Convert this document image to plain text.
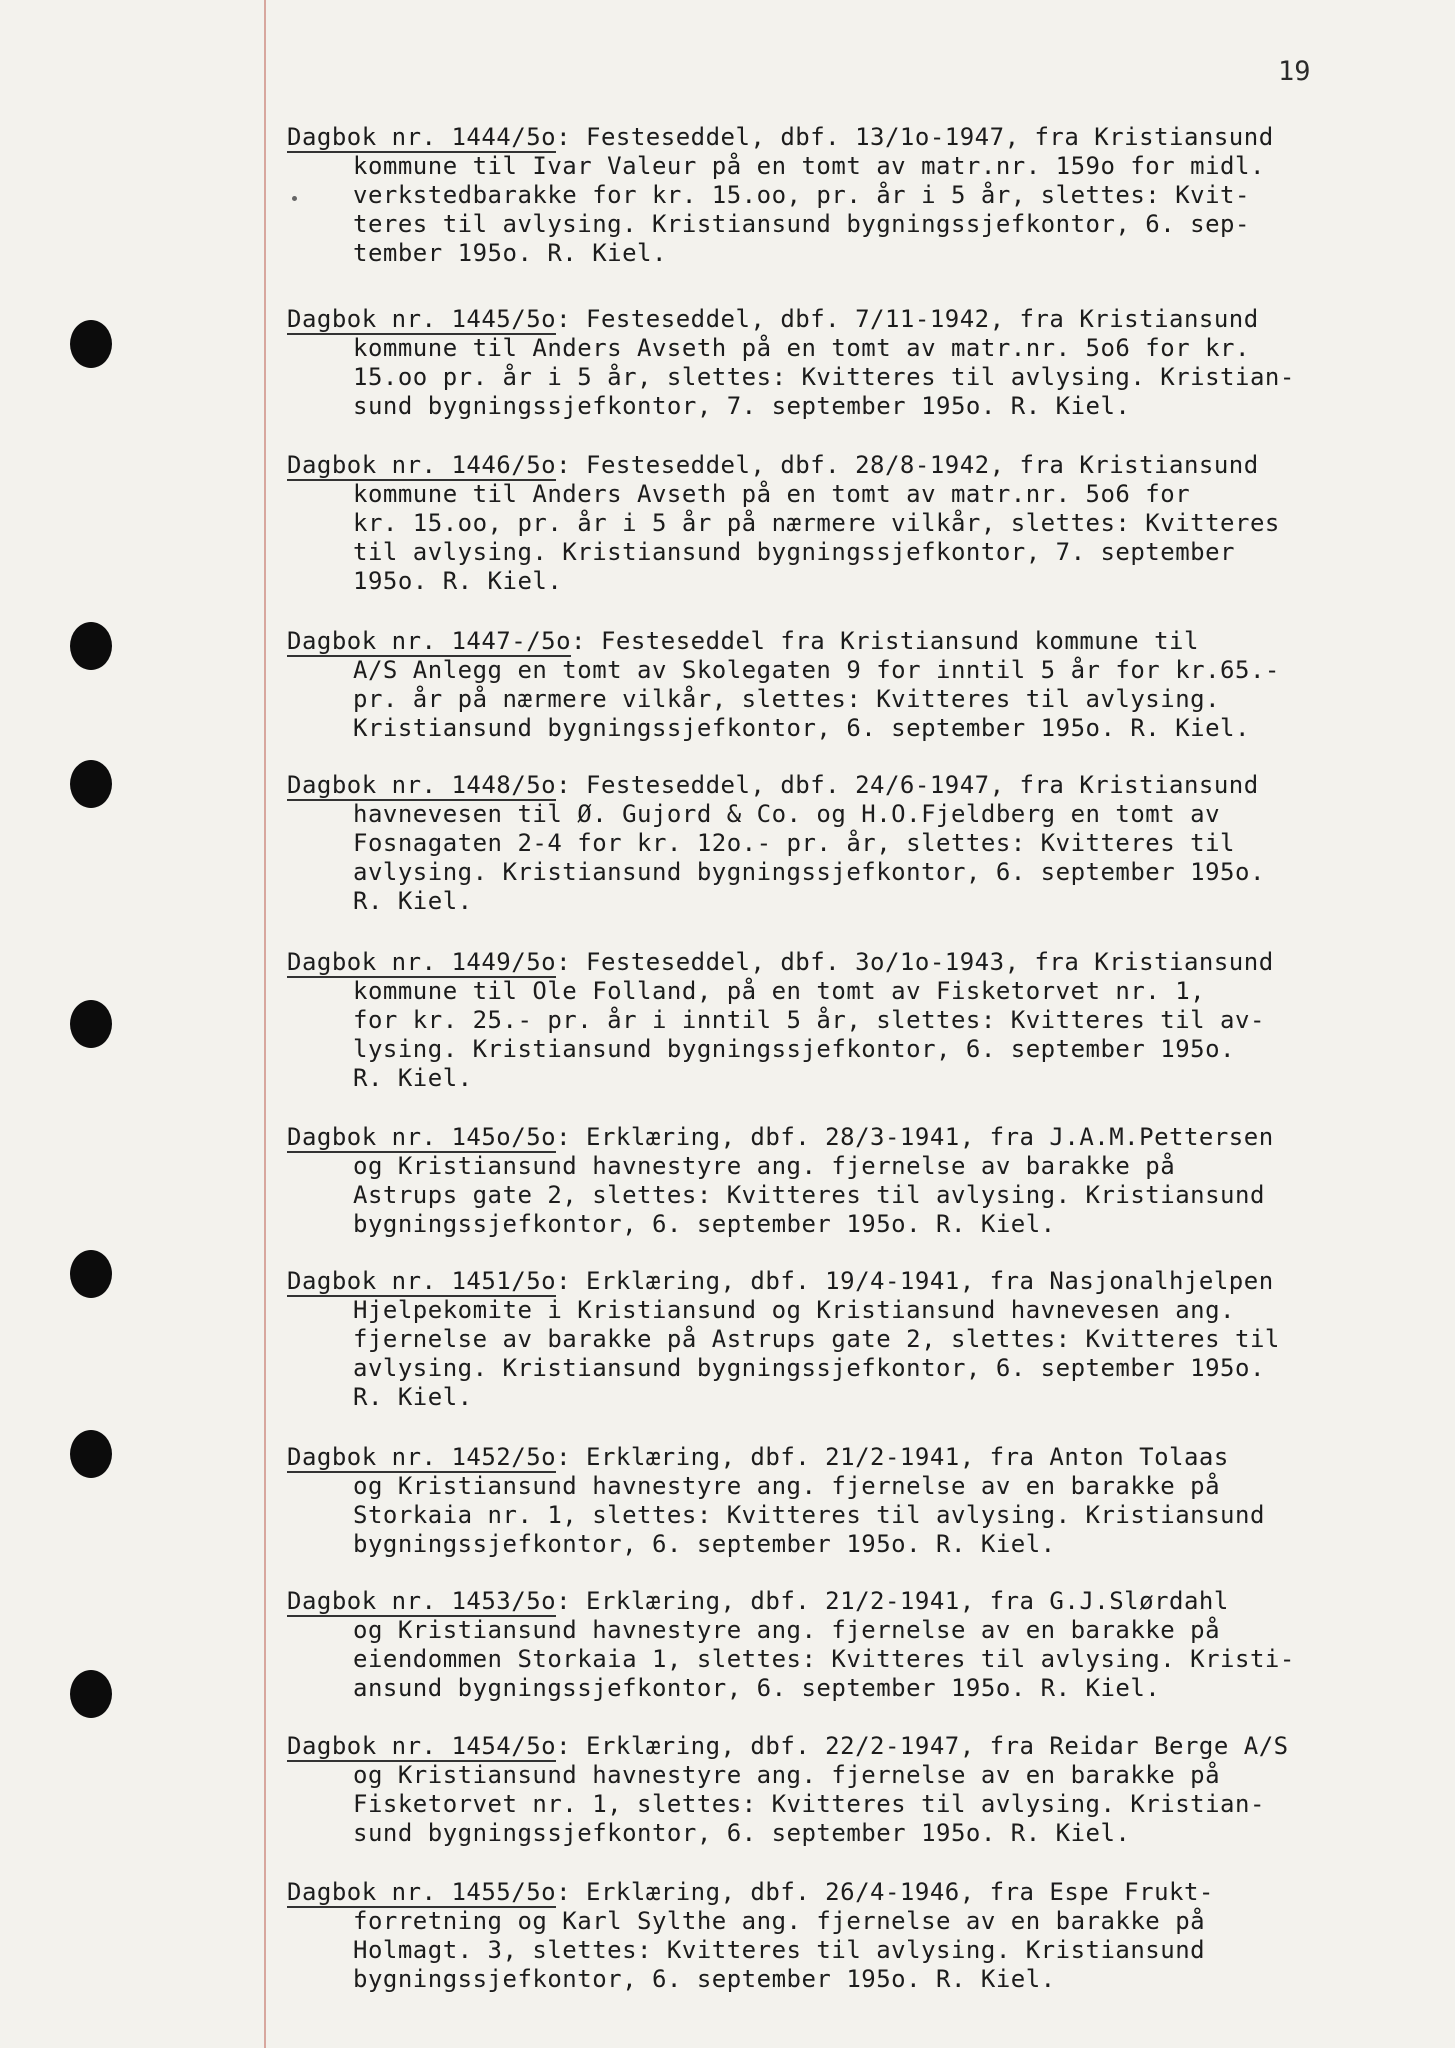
19

Dagbok nr. 1444/5o: Festeseddel, dbf. 13/1o-1947, fra Kristiansund

kommune til Ivar Valeur på en tomt av matr.nr. 159o for midl.

verkstedbarakke for kr. 15.oo, pr. år i 5 år, slettes: Kvit-

teres til avlysing. Kristiansund bygningssjefkontor, 6. sep-

tember 195o. R. Kiel.

Dagbok nr. 1445/5o: Festeseddel, dbf. 7/11-1942, fra Kristiansund

kommune til Anders Avseth på en tomt av matr.nr. 5o6 for kr.

15.oo pr. år i 5 år, slettes: Kvitteres til avlysing. Kristian-

sund bygningssjefkontor, 7. september 195o. R. Kiel.

Dagbok nr. 1446/5o: Festeseddel, dbf. 28/8-1942, fra Kristiansund

kommune til Anders Avseth på en tomt av matr.nr. 5o6 for

kr. 15.oo, pr. år i 5 år på nærmere vilkår, slettes: Kvitteres

til avlysing. Kristiansund bygningssjefkontor, 7. september

195o. R. Kiel.

Dagbok nr. 1447-/5o: Festeseddel fra Kristiansund kommune til

A/S Anlegg en tomt av Skolegaten 9 for inntil 5 år for kr.65.-

pr. år på nærmere vilkår, slettes: Kvitteres til avlysing.

Kristiansund bygningssjefkontor, 6. september 195o. R. Kiel.

Dagbok nr. 1448/5o: Festeseddel, dbf. 24/6-1947, fra Kristiansund

havnevesen til Ø. Gujord & Co. og H.O.Fjeldberg en tomt av

Fosnagaten 2-4 for kr. 12o.- pr. år, slettes: Kvitteres til

avlysing. Kristiansund bygningssjefkontor, 6. september 195o.

R. Kiel.

Dagbok nr. 1449/5o: Festeseddel, dbf. 3o/1o-1943, fra Kristiansund

kommune til Ole Folland, på en tomt av Fisketorvet nr. 1,

for kr. 25.- pr. år i inntil 5 år, slettes: Kvitteres til av-

lysing. Kristiansund bygningssjefkontor, 6. september 195o.

R. Kiel.

Dagbok nr. 145o/5o: Erklæring, dbf. 28/3-1941, fra J.A.M.Pettersen

og Kristiansund havnestyre ang. fjernelse av barakke på

Astrups gate 2, slettes: Kvitteres til avlysing. Kristiansund

bygningssjefkontor, 6. september 195o. R. Kiel.

Dagbok nr. 1451/5o: Erklæring, dbf. 19/4-1941, fra Nasjonalhjelpen

Hjelpekomite i Kristiansund og Kristiansund havnevesen ang.

fjernelse av barakke på Astrups gate 2, slettes: Kvitteres til

avlysing. Kristiansund bygningssjefkontor, 6. september 195o.

R. Kiel.

Dagbok nr. 1452/5o: Erklæring, dbf. 21/2-1941, fra Anton Tolaas

og Kristiansund havnestyre ang. fjernelse av en barakke på

Storkaia nr. 1, slettes: Kvitteres til avlysing. Kristiansund

bygningssjefkontor, 6. september 195o. R. Kiel.

Dagbok nr. 1453/5o: Erklæring, dbf. 21/2-1941, fra G.J.Slørdahl

og Kristiansund havnestyre ang. fjernelse av en barakke på

eiendommen Storkaia 1, slettes: Kvitteres til avlysing. Kristi-

ansund bygningssjefkontor, 6. september 195o. R. Kiel.

Dagbok nr. 1454/5o: Erklæring, dbf. 22/2-1947, fra Reidar Berge A/S

og Kristiansund havnestyre ang. fjernelse av en barakke på

Fisketorvet nr. 1, slettes: Kvitteres til avlysing. Kristian-

sund bygningssjefkontor, 6. september 195o. R. Kiel.

Dagbok nr. 1455/5o: Erklæring, dbf. 26/4-1946, fra Espe Frukt-

forretning og Karl Sylthe ang. fjernelse av en barakke på

Holmagt. 3, slettes: Kvitteres til avlysing. Kristiansund

bygningssjefkontor, 6. september 195o. R. Kiel.
